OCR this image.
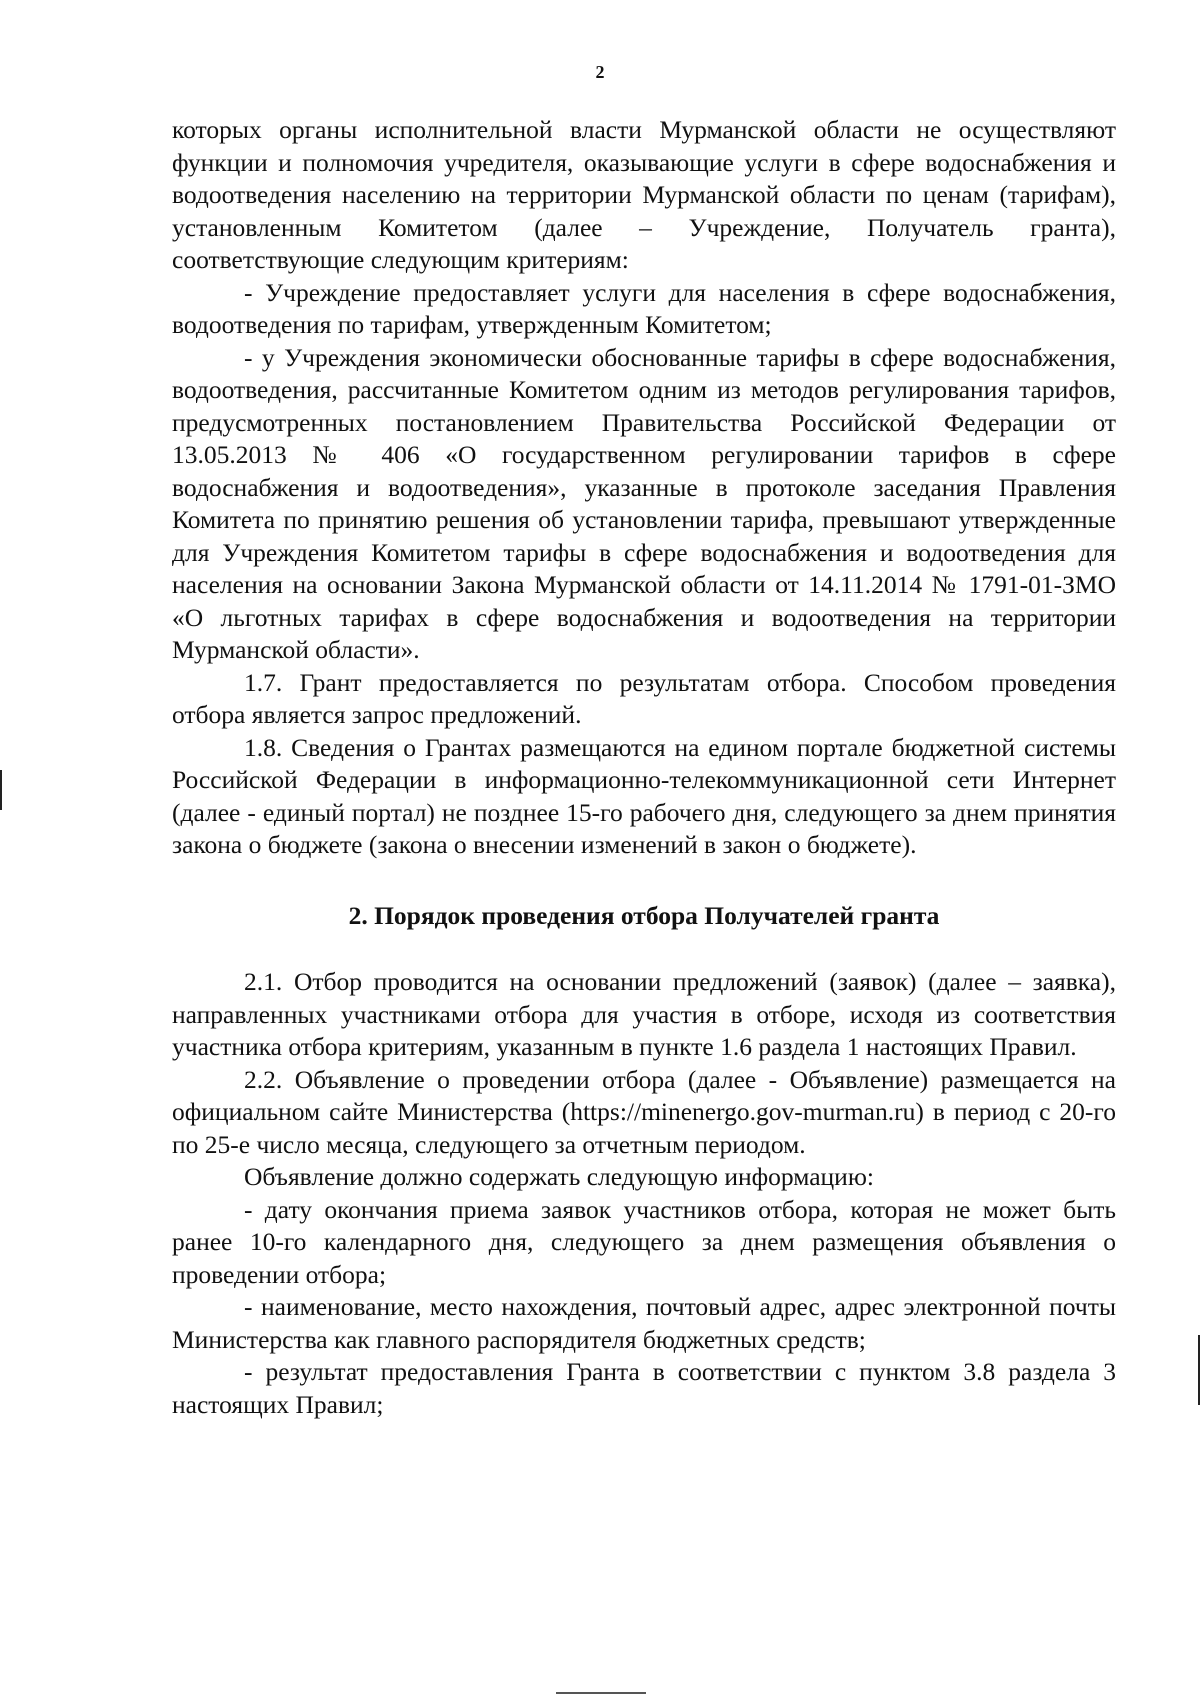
2

которых органы исполнительной власти Мурманской области не осуществляют функции и полномочия учредителя, оказывающие услуги в сфере водоснабжения и водоотведения населению на территории Мурманской области по ценам (тарифам), установленным Комитетом (далее – Учреждение, Получатель гранта), соответствующие следующим критериям:

- Учреждение предоставляет услуги для населения в сфере водоснабжения, водоотведения по тарифам, утвержденным Комитетом;

- у Учреждения экономически обоснованные тарифы в сфере водоснабжения, водоотведения, рассчитанные Комитетом одним из методов регулирования тарифов, предусмотренных постановлением Правительства Российской Федерации от 13.05.2013 № 406 «О государственном регулировании тарифов в сфере водоснабжения и водоотведения», указанные в протоколе заседания Правления Комитета по принятию решения об установлении тарифа, превышают утвержденные для Учреждения Комитетом тарифы в сфере водоснабжения и водоотведения для населения на основании Закона Мурманской области от 14.11.2014 № 1791-01-ЗМО «О льготных тарифах в сфере водоснабжения и водоотведения на территории Мурманской области».

1.7. Грант предоставляется по результатам отбора. Способом проведения отбора является запрос предложений.

1.8. Сведения о Грантах размещаются на едином портале бюджетной системы Российской Федерации в информационно-телекоммуникационной сети Интернет (далее - единый портал) не позднее 15-го рабочего дня, следующего за днем принятия закона о бюджете (закона о внесении изменений в закон о бюджете).

2. Порядок проведения отбора Получателей гранта

2.1. Отбор проводится на основании предложений (заявок) (далее – заявка), направленных участниками отбора для участия в отборе, исходя из соответствия участника отбора критериям, указанным в пункте 1.6 раздела 1 настоящих Правил.

2.2. Объявление о проведении отбора (далее - Объявление) размещается на официальном сайте Министерства (https://minenergo.gov-murman.ru) в период с 20-го по 25-е число месяца, следующего за отчетным периодом.

Объявление должно содержать следующую информацию:

- дату окончания приема заявок участников отбора, которая не может быть ранее 10-го календарного дня, следующего за днем размещения объявления о проведении отбора;

- наименование, место нахождения, почтовый адрес, адрес электронной почты Министерства как главного распорядителя бюджетных средств;

- результат предоставления Гранта в соответствии с пунктом 3.8 раздела 3 настоящих Правил;
